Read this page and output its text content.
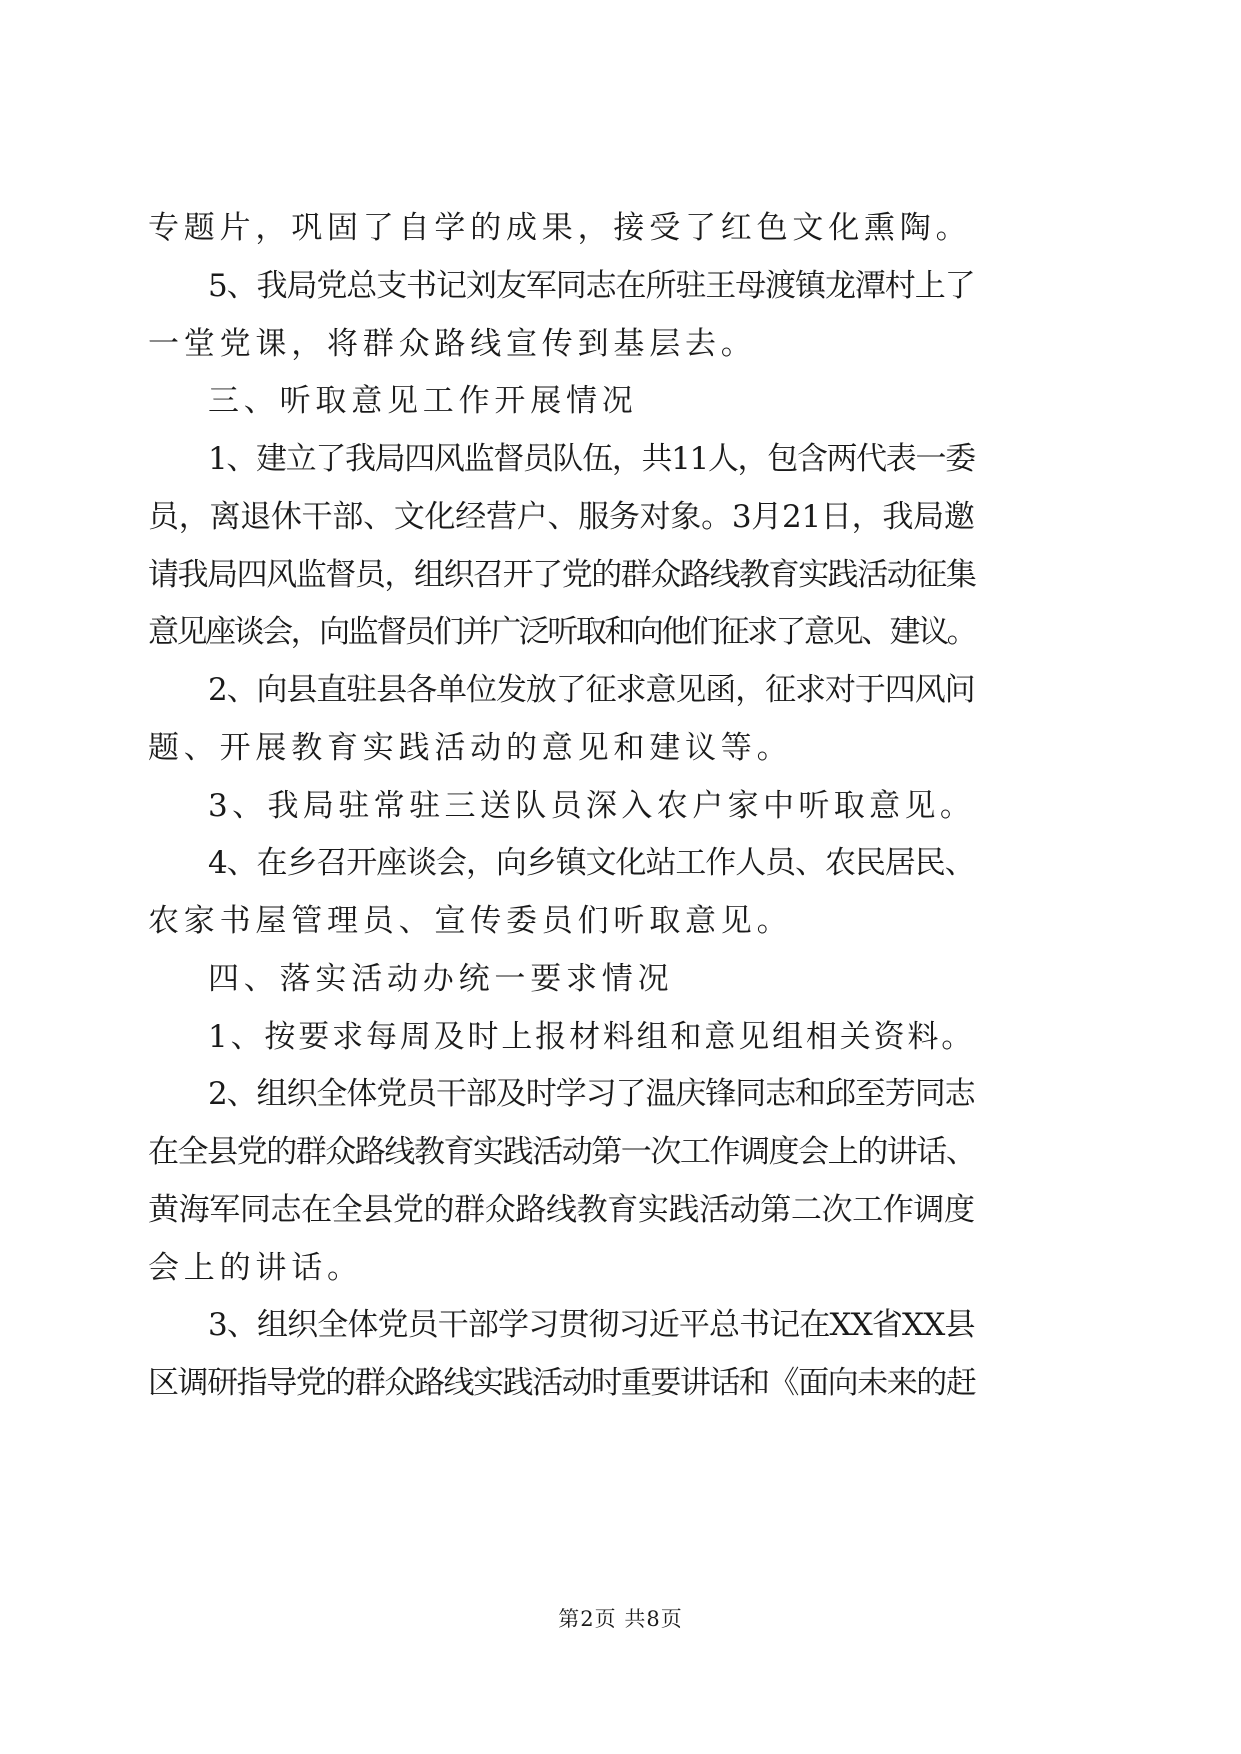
专题片，巩固了自学的成果，接受了红色文化熏陶。
5、我局党总支书记刘友军同志在所驻王母渡镇龙潭村上了
一堂党课，将群众路线宣传到基层去。
三、听取意见工作开展情况
1、建立了我局四风监督员队伍，共11人，包含两代表一委
员，离退休干部、文化经营户、服务对象。3月21日，我局邀
请我局四风监督员，组织召开了党的群众路线教育实践活动征集
意见座谈会，向监督员们并广泛听取和向他们征求了意见、建议。
2、向县直驻县各单位发放了征求意见函，征求对于四风问
题、开展教育实践活动的意见和建议等。
3、我局驻常驻三送队员深入农户家中听取意见。
4、在乡召开座谈会，向乡镇文化站工作人员、农民居民、
农家书屋管理员、宣传委员们听取意见。
四、落实活动办统一要求情况
1、按要求每周及时上报材料组和意见组相关资料。
2、组织全体党员干部及时学习了温庆锋同志和邱至芳同志
在全县党的群众路线教育实践活动第一次工作调度会上的讲话、
黄海军同志在全县党的群众路线教育实践活动第二次工作调度
会上的讲话。
3、组织全体党员干部学习贯彻习近平总书记在XX省XX县
区调研指导党的群众路线实践活动时重要讲话和《面向未来的赶
第2页 共8页
